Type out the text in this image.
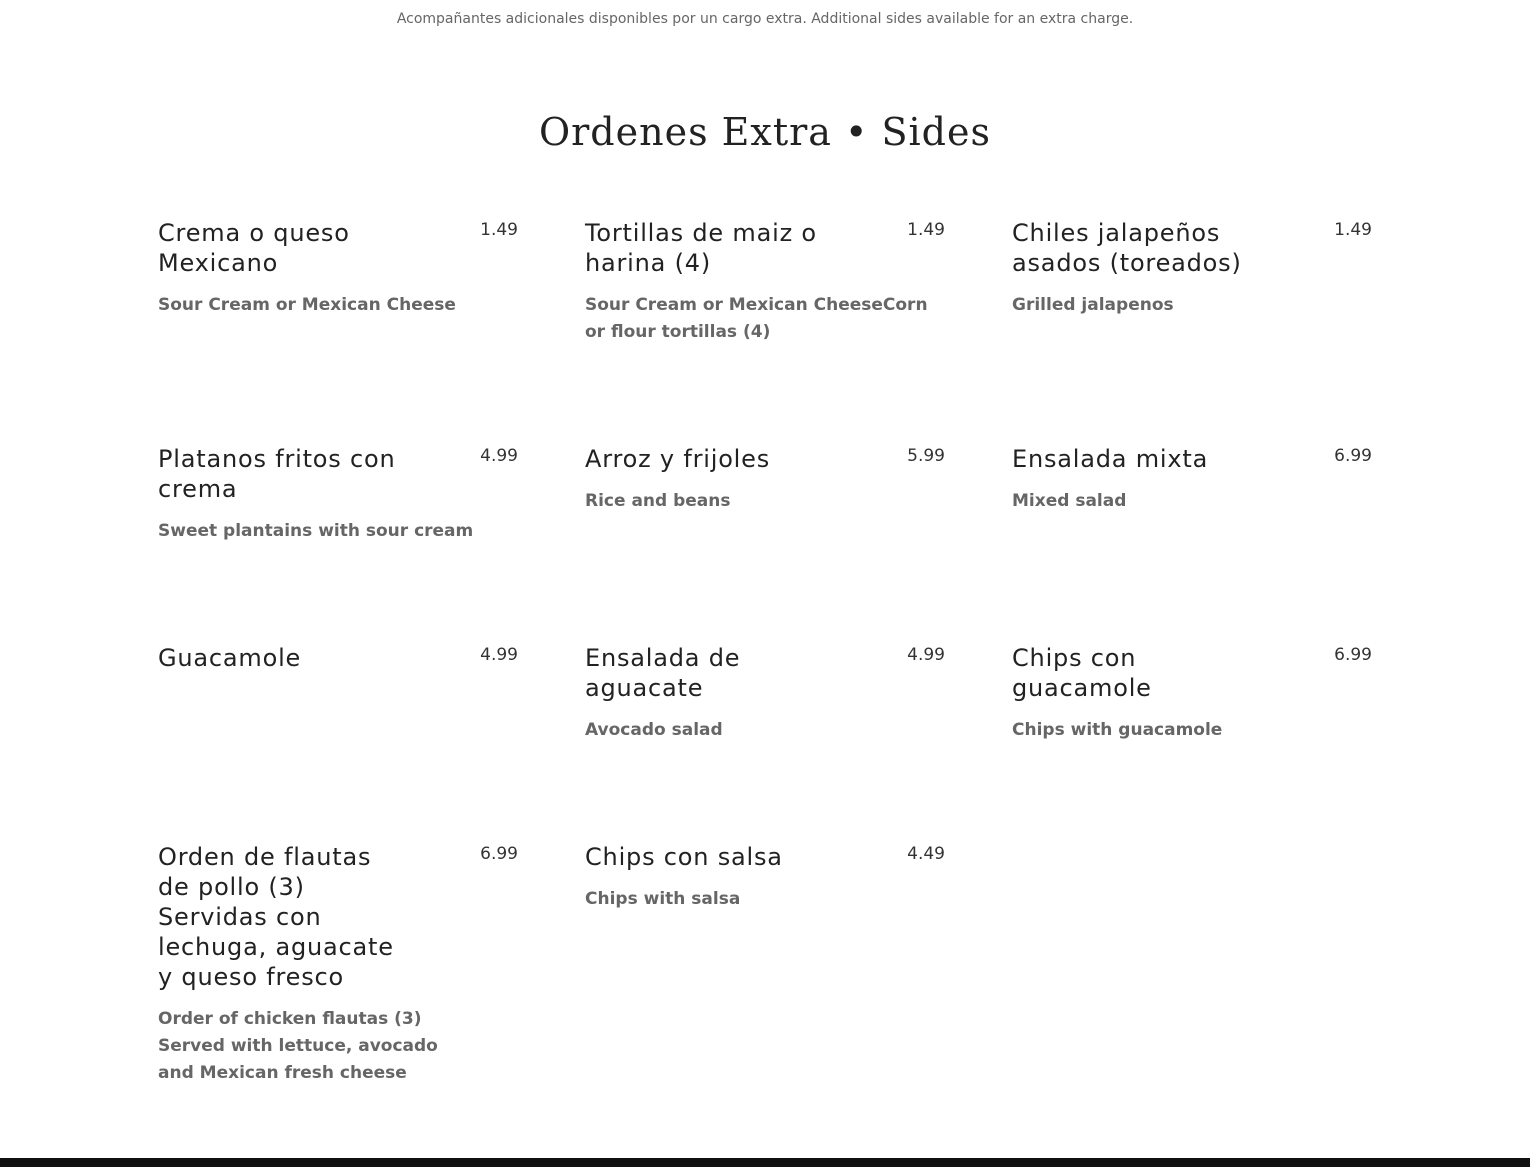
Acompañantes adicionales disponibles por un cargo extra. Additional sides available for an extra charge.
Ordenes Extra • Sides
Crema o queso Mexicano
1.49
Sour Cream or Mexican Cheese
Tortillas de maiz o harina (4)
1.49
Sour Cream or Mexican CheeseCorn or flour tortillas (4)
Chiles jalapeños asados (toreados)
1.49
Grilled jalapenos
Platanos fritos con crema
4.99
Sweet plantains with sour cream
Arroz y frijoles	5.99
Rice and beans
Ensalada mixta	6.99
Mixed salad
Guacamole	4.99	Ensalada de aguacate
4.99
Avocado salad
Chips con guacamole
6.99
Chips with guacamole
Orden de flautas de pollo (3) Servidas con lechuga, aguacate y queso fresco
6.99
Order of chicken flautas (3) Served with lettuce, avocado and Mexican fresh cheese
Chips con salsa	4.49
Chips with salsa
